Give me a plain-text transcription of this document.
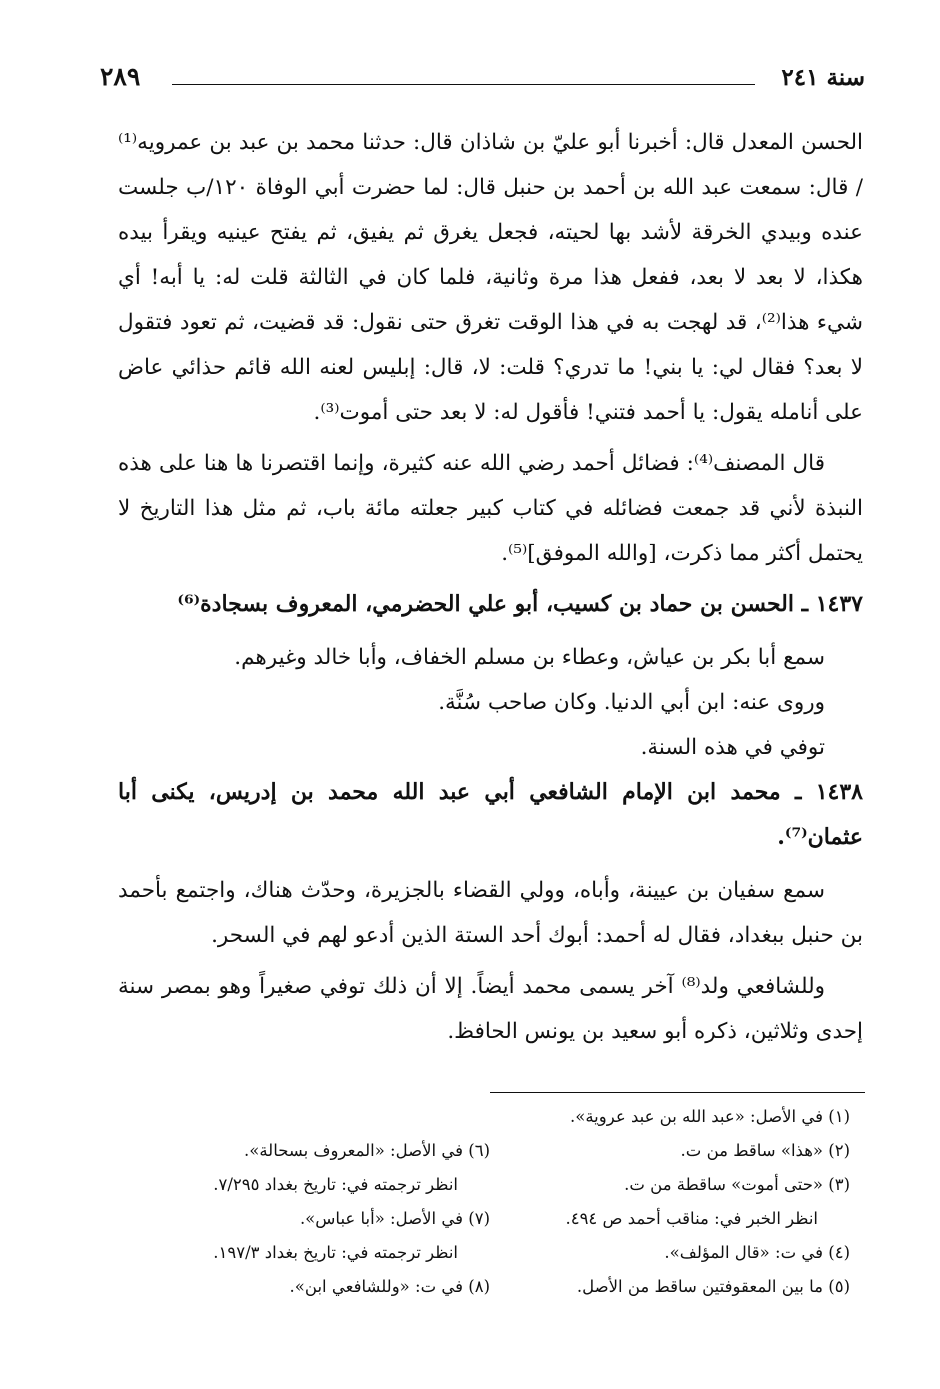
سنة ٢٤١
٢٨٩

الحسن المعدل قال: أخبرنا أبو عليّ بن شاذان قال: حدثنا محمد بن عبد بن عمرويه⁽¹⁾ / قال: سمعت عبد الله بن أحمد بن حنبل قال: لما حضرت أبي الوفاة ١٢٠/ب جلست عنده وبيدي الخرقة لأشد بها لحيته، فجعل يغرق ثم يفيق، ثم يفتح عينيه ويقرأ بيده هكذا، لا بعد لا بعد، ففعل هذا مرة وثانية، فلما كان في الثالثة قلت له: يا أبه! أي شيء هذا⁽²⁾، قد لهجت به في هذا الوقت تغرق حتى نقول: قد قضيت، ثم تعود فتقول لا بعد؟ فقال لي: يا بني! ما تدري؟ قلت: لا، قال: إبليس لعنه الله قائم حذائي عاض على أنامله يقول: يا أحمد فتني! فأقول له: لا بعد حتى أموت⁽³⁾.

قال المصنف⁽⁴⁾: فضائل أحمد رضي الله عنه كثيرة، وإنما اقتصرنا ها هنا على هذه النبذة لأني قد جمعت فضائله في كتاب كبير جعلته مائة باب، ثم مثل هذا التاريخ لا يحتمل أكثر مما ذكرت، [والله الموفق]⁽⁵⁾.

١٤٣٧ ـ الحسن بن حماد بن كسيب، أبو علي الحضرمي، المعروف بسجادة⁽⁶⁾

سمع أبا بكر بن عياش، وعطاء بن مسلم الخفاف، وأبا خالد وغيرهم.

وروى عنه: ابن أبي الدنيا. وكان صاحب سُنَّة.

توفي في هذه السنة.

١٤٣٨ ـ محمد ابن الإمام الشافعي أبي عبد الله محمد بن إدريس، يكنى أبا عثمان⁽⁷⁾.

سمع سفيان بن عيينة، وأباه، وولي القضاء بالجزيرة، وحدّث هناك، واجتمع بأحمد بن حنبل ببغداد، فقال له أحمد: أبوك أحد الستة الذين أدعو لهم في السحر.

وللشافعي ولد⁽⁸⁾ آخر يسمى محمد أيضاً. إلا أن ذلك توفي صغيراً وهو بمصر سنة إحدى وثلاثين، ذكره أبو سعيد بن يونس الحافظ.

(١) في الأصل: «عبد الله بن عبد عروية».
(٢) «هذا» ساقط من ت.
(٣) «حتى أموت» ساقطة من ت.
انظر الخبر في: مناقب أحمد ص ٤٩٤.
(٤) في ت: «قال المؤلف».
(٥) ما بين المعقوفتين ساقط من الأصل.
(٦) في الأصل: «المعروف بسحالة».
انظر ترجمته في: تاريخ بغداد ٧/٢٩٥.
(٧) في الأصل: «أبا عباس».
انظر ترجمته في: تاريخ بغداد ١٩٧/٣.
(٨) في ت: «وللشافعي ابن».
